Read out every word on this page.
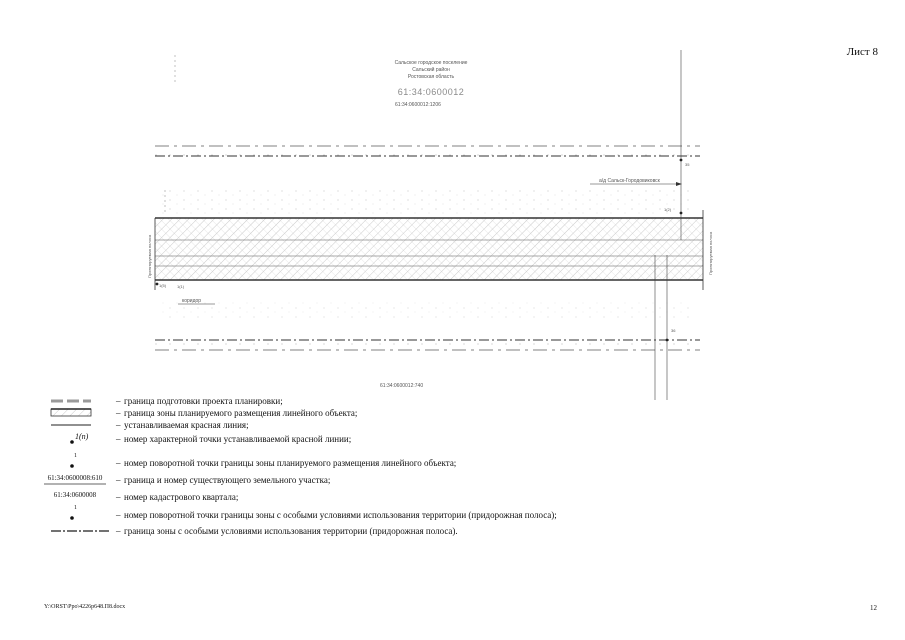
Лист 8
Сальское городское поселение
Сальский район
Ростовская область
61:34:0600012
61:34:0600012:1206
61:34:0600012:740
а/д Сальск-Городовиковск
коридор
35
1(2)
1(5)	1(1)
36
Проектируемая полоса	Проектируемая полоса
– граница подготовки проекта планировки;
– граница зоны планируемого размещения линейного объекта;
– устанавливаемая красная линия;
1(n)	– номер характерной точки устанавливаемой красной линии;
1
– номер поворотной точки границы зоны планируемого размещения линейного объекта;
61:34:0600008:610	– граница и номер существующего земельного участка;
61:34:0600008	– номер кадастрового квартала;
1
– номер поворотной точки границы зоны с особыми условиями использования территории (придорожная полоса);
– граница зоны с особыми условиями использования территории (придорожная полоса).
Y:\ORST\Ppo\4226р648.П8.docx	12
